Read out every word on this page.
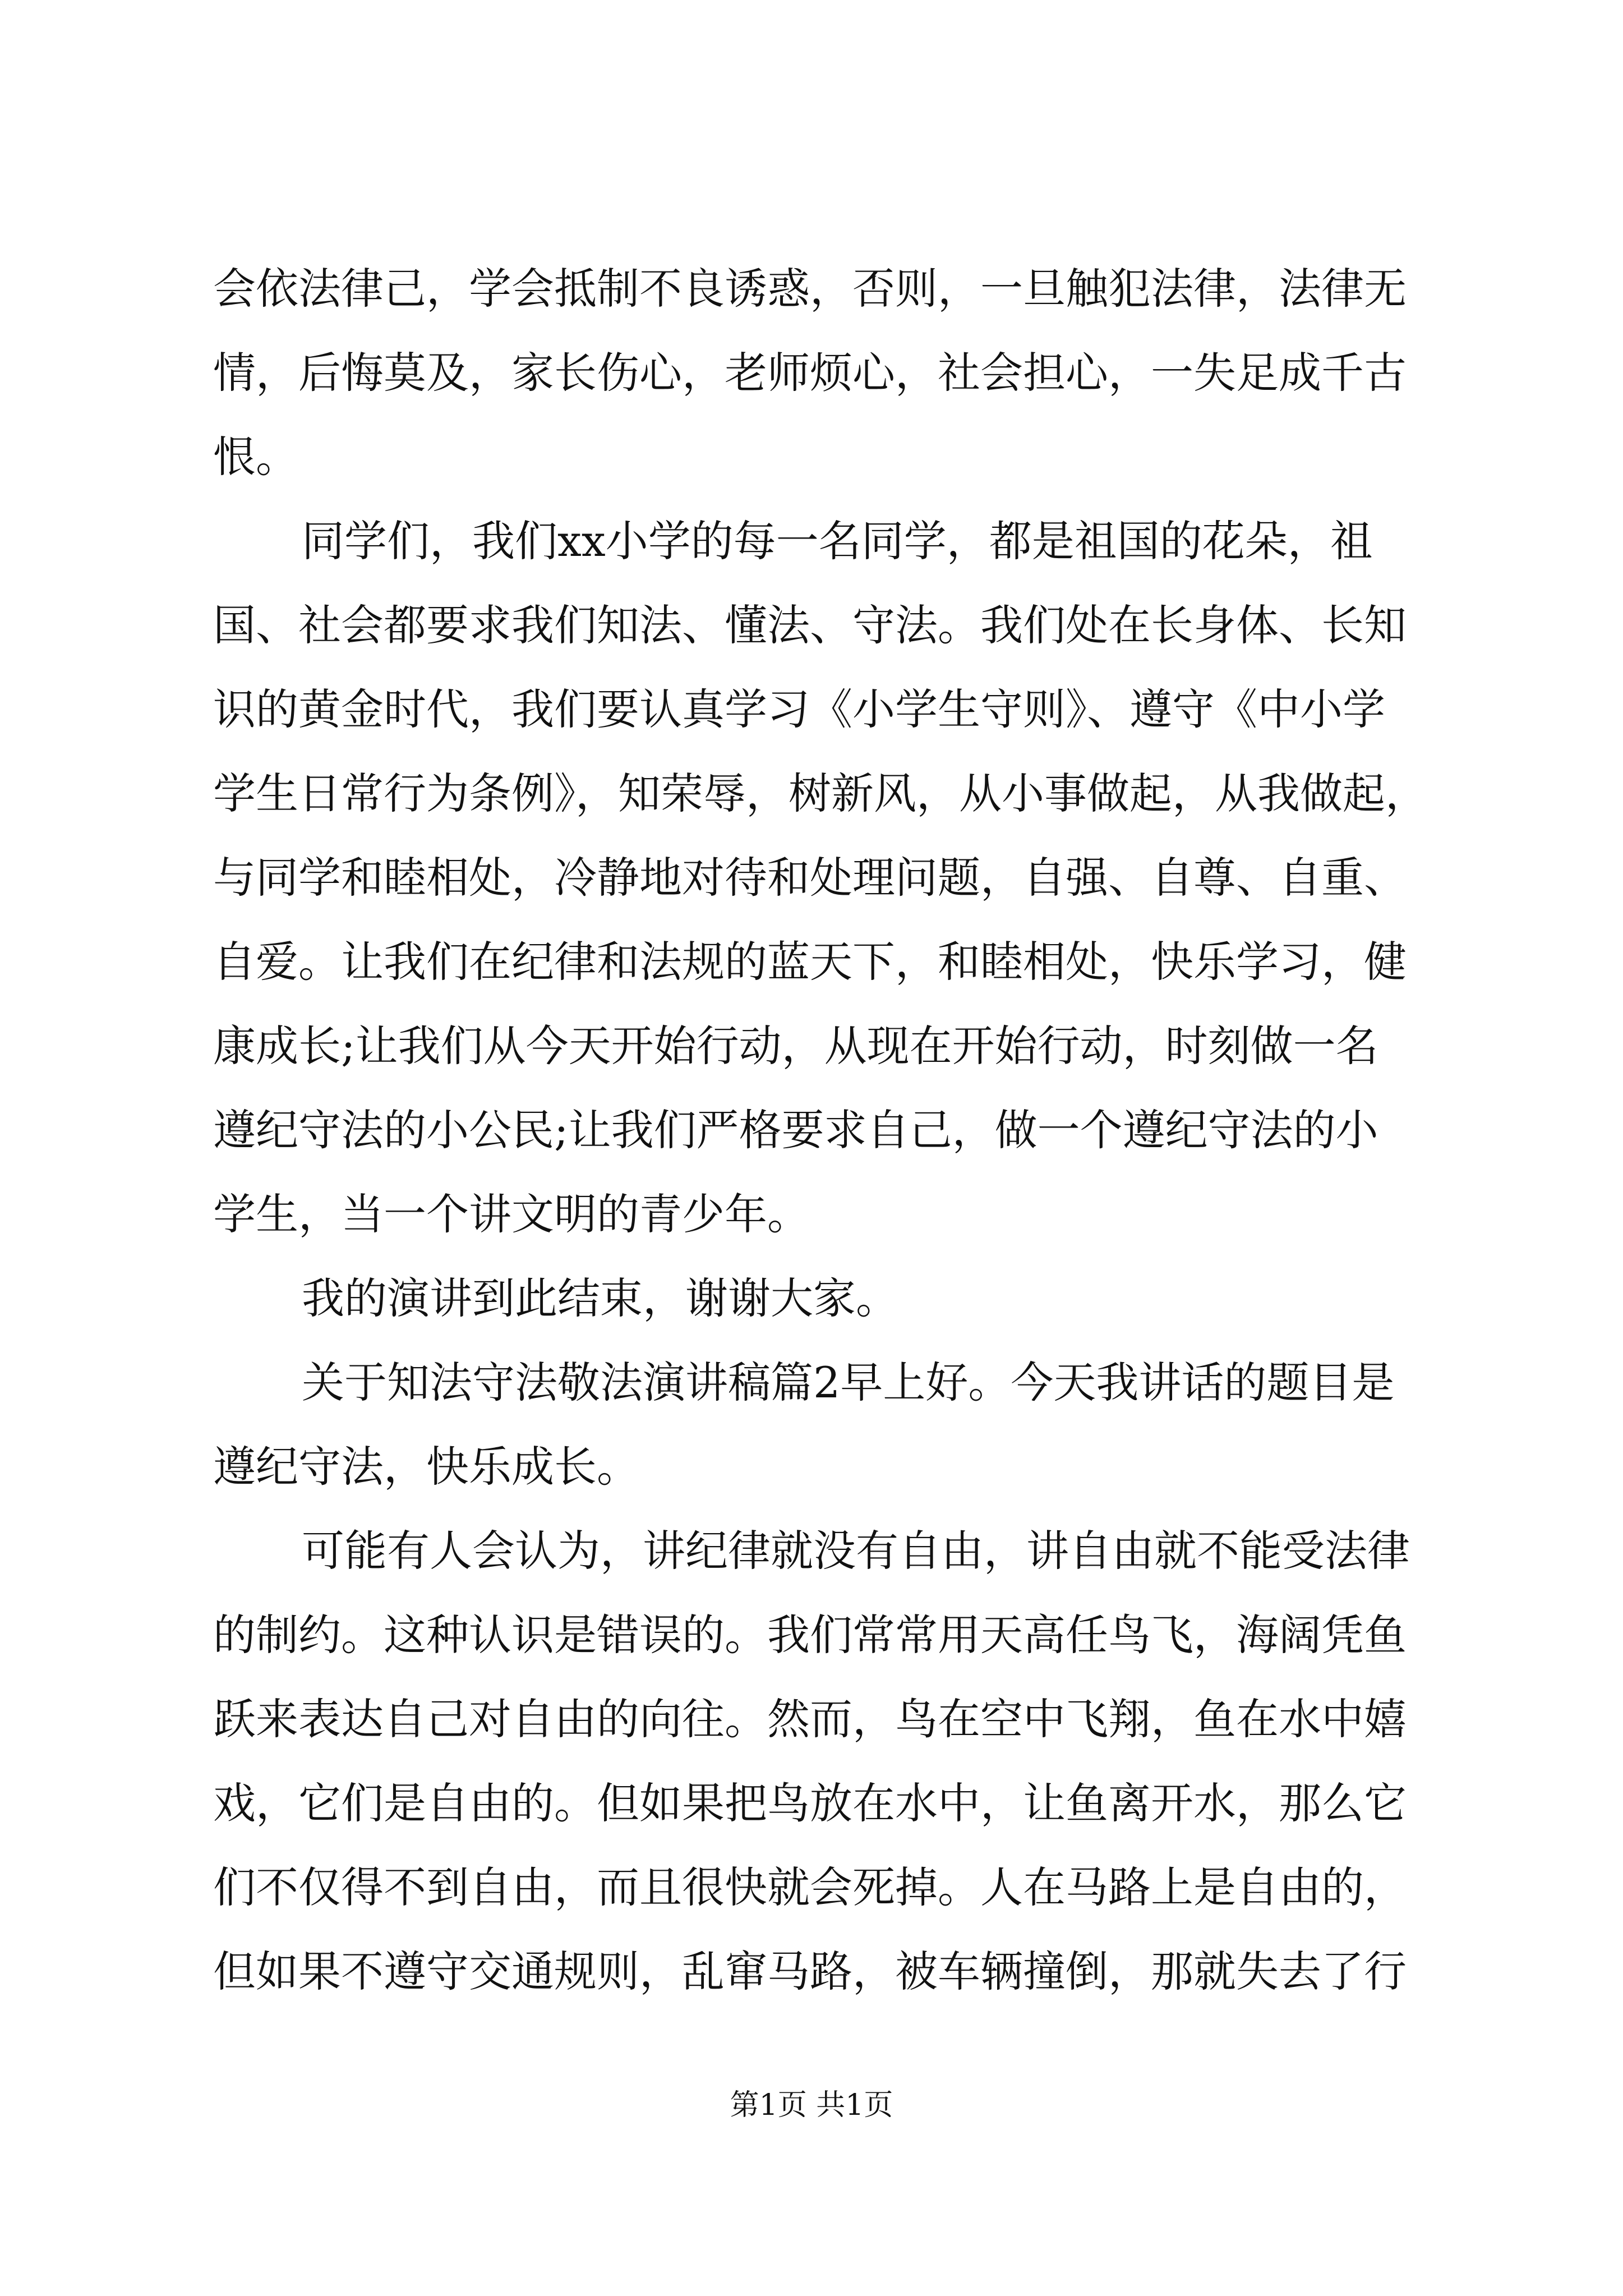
会依法律己，学会抵制不良诱惑，否则，一旦触犯法律，法律无
情，后悔莫及，家长伤心，老师烦心，社会担心，一失足成千古
恨。
同学们，我们xx小学的每一名同学，都是祖国的花朵，祖
国、社会都要求我们知法、懂法、守法。我们处在长身体、长知
识的黄金时代，我们要认真学习《小学生守则》、遵守《中小学
学生日常行为条例》，知荣辱，树新风，从小事做起，从我做起，
与同学和睦相处，冷静地对待和处理问题，自强、自尊、自重、
自爱。让我们在纪律和法规的蓝天下，和睦相处，快乐学习，健
康成长;让我们从今天开始行动，从现在开始行动，时刻做一名
遵纪守法的小公民;让我们严格要求自己，做一个遵纪守法的小
学生，当一个讲文明的青少年。
我的演讲到此结束，谢谢大家。
关于知法守法敬法演讲稿篇2早上好。今天我讲话的题目是
遵纪守法，快乐成长。
可能有人会认为，讲纪律就没有自由，讲自由就不能受法律
的制约。这种认识是错误的。我们常常用天高任鸟飞，海阔凭鱼
跃来表达自己对自由的向往。然而，鸟在空中飞翔，鱼在水中嬉
戏，它们是自由的。但如果把鸟放在水中，让鱼离开水，那么它
们不仅得不到自由，而且很快就会死掉。人在马路上是自由的，
但如果不遵守交通规则，乱窜马路，被车辆撞倒，那就失去了行
第1页 共1页
